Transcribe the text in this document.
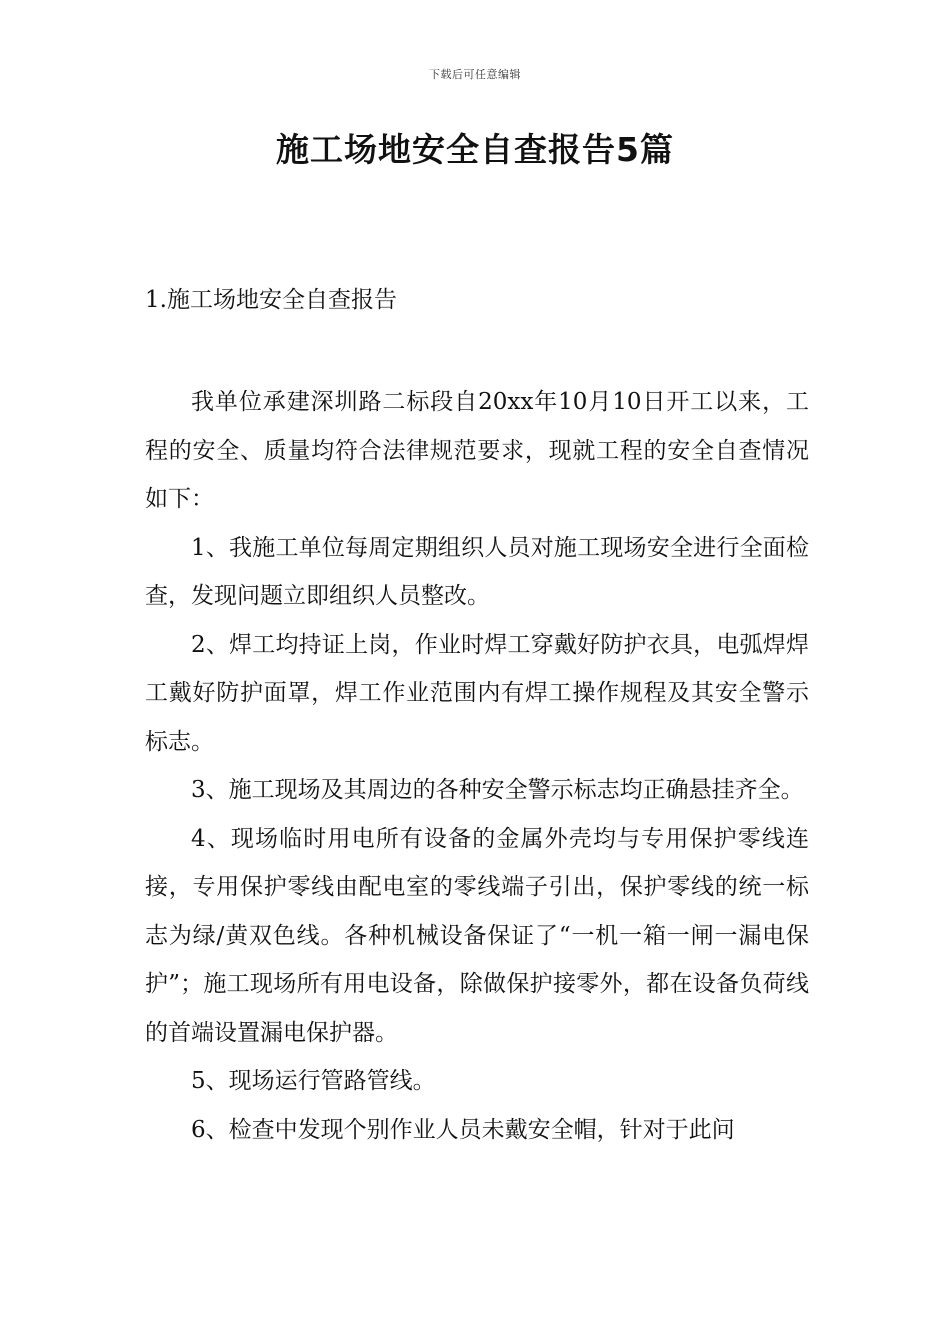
下载后可任意编辑
施工场地安全自查报告5篇
1.施工场地安全自查报告

我单位承建深圳路二标段自20xx年10月10日开工以来，工程的安全、质量均符合法律规范要求，现就工程的安全自查情况如下：

1、我施工单位每周定期组织人员对施工现场安全进行全面检查，发现问题立即组织人员整改。

2、焊工均持证上岗，作业时焊工穿戴好防护衣具，电弧焊焊工戴好防护面罩，焊工作业范围内有焊工操作规程及其安全警示标志。

3、施工现场及其周边的各种安全警示标志均正确悬挂齐全。

4、现场临时用电所有设备的金属外壳均与专用保护零线连接，专用保护零线由配电室的零线端子引出，保护零线的统一标志为绿/黄双色线。各种机械设备保证了“一机一箱一闸一漏电保护”；施工现场所有用电设备，除做保护接零外，都在设备负荷线的首端设置漏电保护器。

5、现场运行管路管线。

6、检查中发现个别作业人员未戴安全帽，针对于此问
